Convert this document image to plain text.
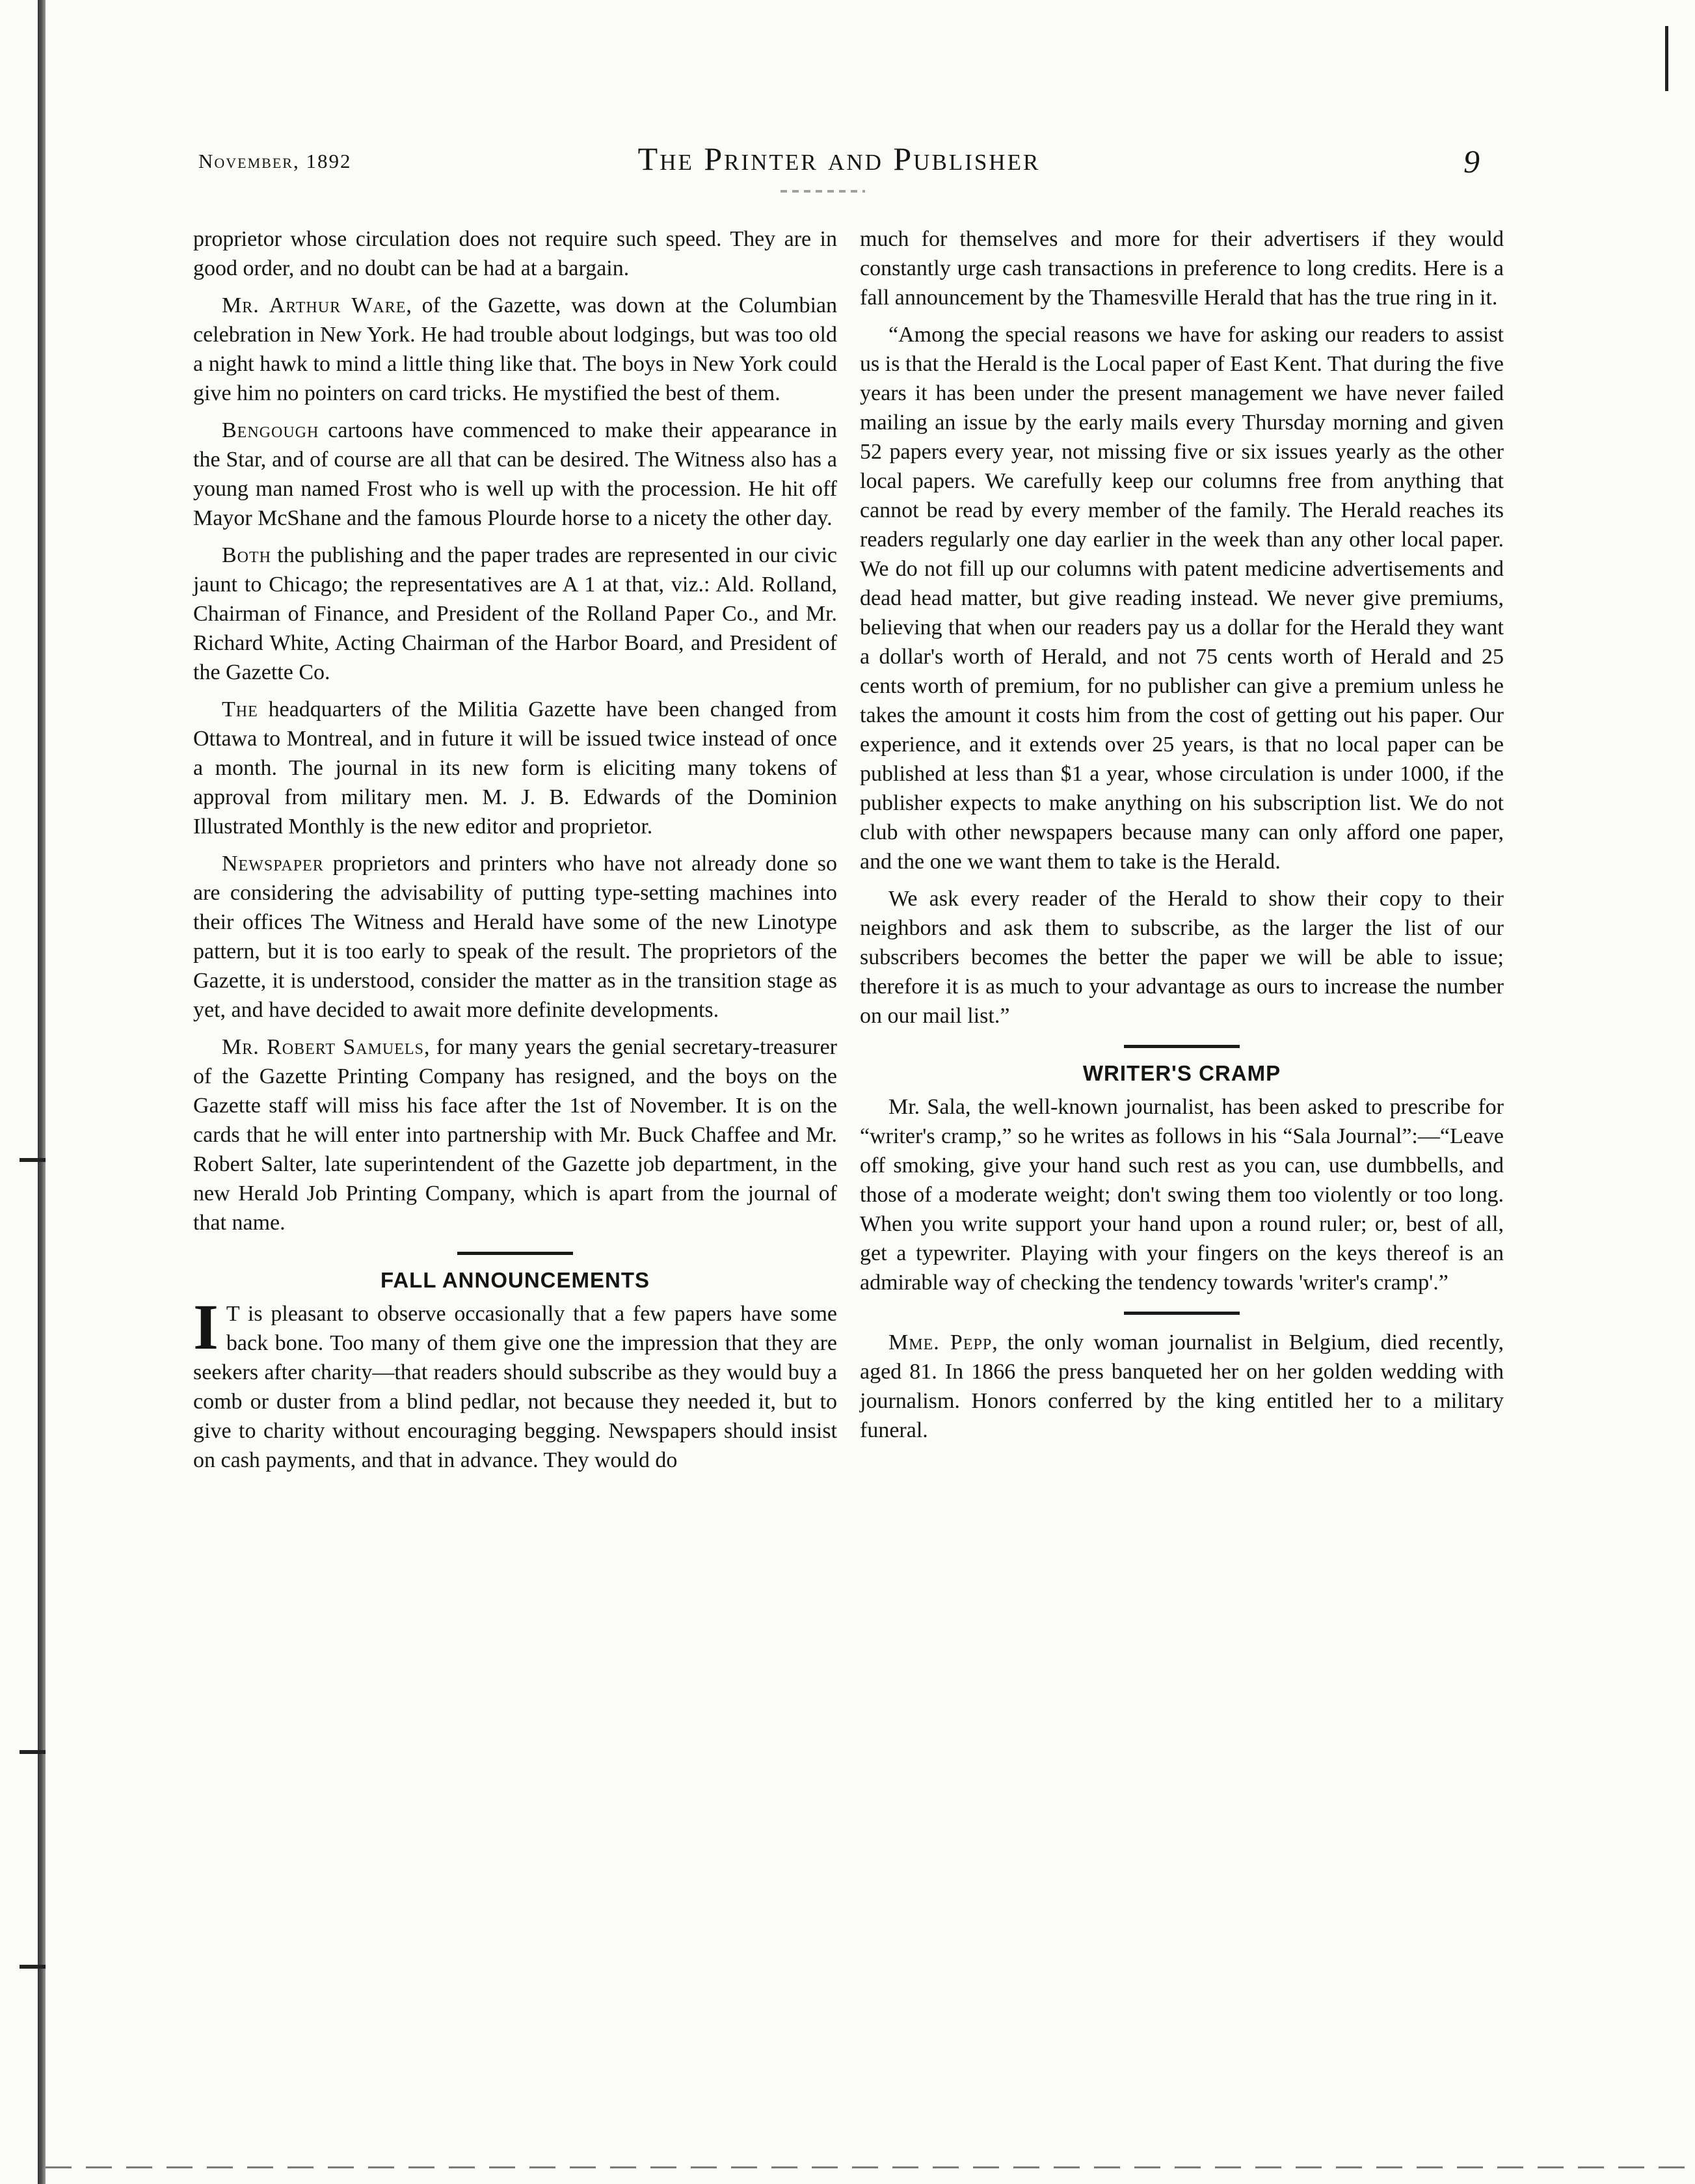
November, 1892	The Printer and Publisher	9

proprietor whose circulation does not require such speed. They are in good order, and no doubt can be had at a bargain.

Mr. Arthur Ware, of the Gazette, was down at the Columbian celebration in New York. He had trouble about lodgings, but was too old a night hawk to mind a little thing like that. The boys in New York could give him no pointers on card tricks. He mystified the best of them.

Bengough cartoons have commenced to make their appearance in the Star, and of course are all that can be desired. The Witness also has a young man named Frost who is well up with the procession. He hit off Mayor McShane and the famous Plourde horse to a nicety the other day.

Both the publishing and the paper trades are represented in our civic jaunt to Chicago; the representatives are A 1 at that, viz.: Ald. Rolland, Chairman of Finance, and President of the Rolland Paper Co., and Mr. Richard White, Acting Chairman of the Harbor Board, and President of the Gazette Co.

The headquarters of the Militia Gazette have been changed from Ottawa to Montreal, and in future it will be issued twice instead of once a month. The journal in its new form is eliciting many tokens of approval from military men. M. J. B. Edwards of the Dominion Illustrated Monthly is the new editor and proprietor.

Newspaper proprietors and printers who have not already done so are considering the advisability of putting type-setting machines into their offices The Witness and Herald have some of the new Linotype pattern, but it is too early to speak of the result. The proprietors of the Gazette, it is understood, consider the matter as in the transition stage as yet, and have decided to await more definite developments.

Mr. Robert Samuels, for many years the genial secretary-treasurer of the Gazette Printing Company has resigned, and the boys on the Gazette staff will miss his face after the 1st of November. It is on the cards that he will enter into partnership with Mr. Buck Chaffee and Mr. Robert Salter, late superintendent of the Gazette job department, in the new Herald Job Printing Company, which is apart from the journal of that name.

FALL ANNOUNCEMENTS

I T is pleasant to observe occasionally that a few papers have some back bone. Too many of them give one the impression that they are seekers after charity—that readers should subscribe as they would buy a comb or duster from a blind pedlar, not because they needed it, but to give to charity without encouraging begging. Newspapers should insist on cash payments, and that in advance. They would do

much for themselves and more for their advertisers if they would constantly urge cash transactions in preference to long credits. Here is a fall announcement by the Thamesville Herald that has the true ring in it.

“Among the special reasons we have for asking our readers to assist us is that the Herald is the Local paper of East Kent. That during the five years it has been under the present management we have never failed mailing an issue by the early mails every Thursday morning and given 52 papers every year, not missing five or six issues yearly as the other local papers. We carefully keep our columns free from anything that cannot be read by every member of the family. The Herald reaches its readers regularly one day earlier in the week than any other local paper. We do not fill up our columns with patent medicine advertisements and dead head matter, but give reading instead. We never give premiums, believing that when our readers pay us a dollar for the Herald they want a dollar's worth of Herald, and not 75 cents worth of Herald and 25 cents worth of premium, for no publisher can give a premium unless he takes the amount it costs him from the cost of getting out his paper. Our experience, and it extends over 25 years, is that no local paper can be published at less than $1 a year, whose circulation is under 1000, if the publisher expects to make anything on his subscription list. We do not club with other newspapers because many can only afford one paper, and the one we want them to take is the Herald.

We ask every reader of the Herald to show their copy to their neighbors and ask them to subscribe, as the larger the list of our subscribers becomes the better the paper we will be able to issue; therefore it is as much to your advantage as ours to increase the number on our mail list.”

WRITER'S CRAMP

Mr. Sala, the well-known journalist, has been asked to prescribe for “writer's cramp,” so he writes as follows in his “Sala Journal”:—“Leave off smoking, give your hand such rest as you can, use dumbbells, and those of a moderate weight; don't swing them too violently or too long. When you write support your hand upon a round ruler; or, best of all, get a typewriter. Playing with your fingers on the keys thereof is an admirable way of checking the tendency towards 'writer's cramp'.”

Mme. Pepp, the only woman journalist in Belgium, died recently, aged 81. In 1866 the press banqueted her on her golden wedding with journalism. Honors conferred by the king entitled her to a military funeral.
